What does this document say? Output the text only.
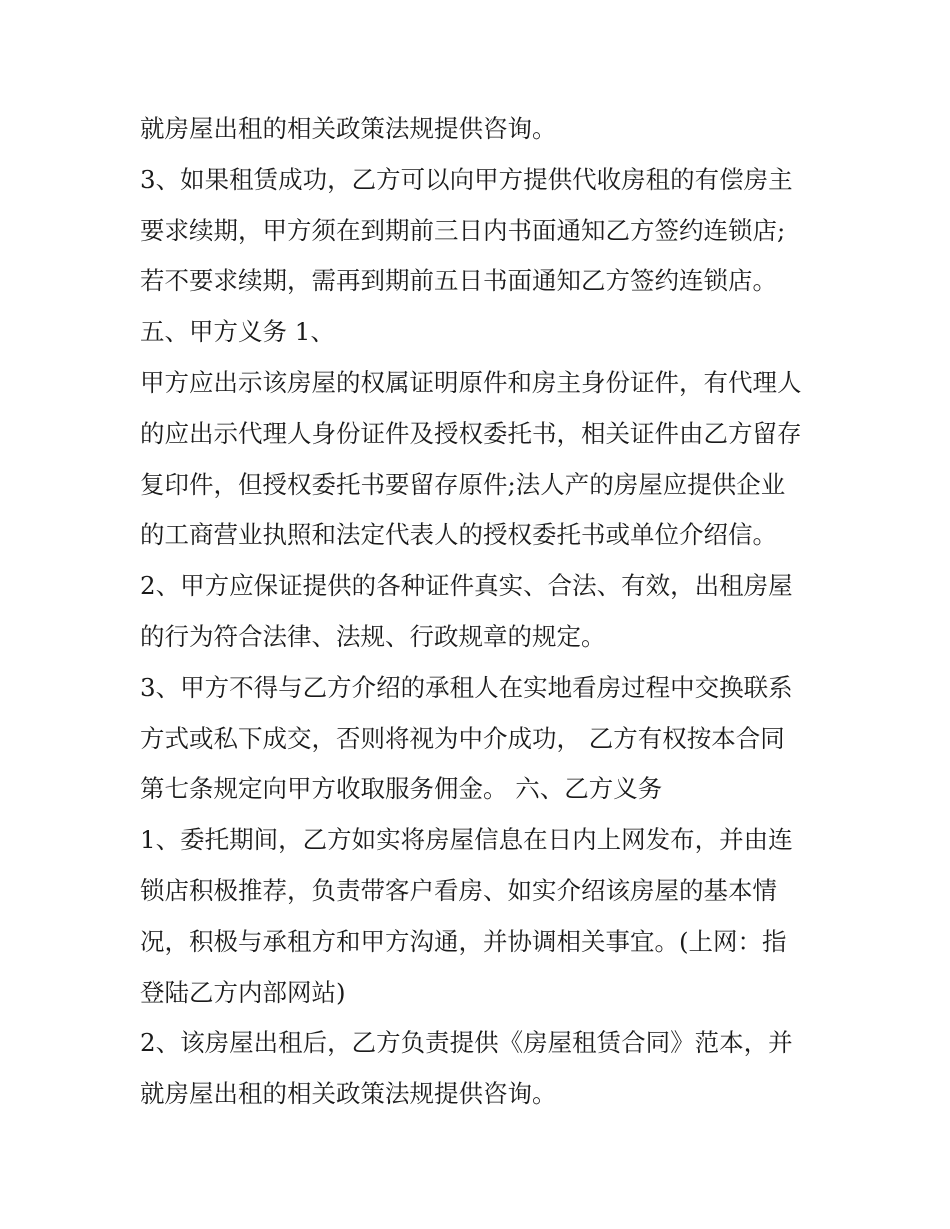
就房屋出租的相关政策法规提供咨询。
3、如果租赁成功，乙方可以向甲方提供代收房租的有偿房主
要求续期，甲方须在到期前三日内书面通知乙方签约连锁店;
若不要求续期，需再到期前五日书面通知乙方签约连锁店。
五、甲方义务 1、
甲方应出示该房屋的权属证明原件和房主身份证件，有代理人
的应出示代理人身份证件及授权委托书，相关证件由乙方留存
复印件，但授权委托书要留存原件;法人产的房屋应提供企业
的工商营业执照和法定代表人的授权委托书或单位介绍信。
2、甲方应保证提供的各种证件真实、合法、有效，出租房屋
的行为符合法律、法规、行政规章的规定。
3、甲方不得与乙方介绍的承租人在实地看房过程中交换联系
方式或私下成交，否则将视为中介成功， 乙方有权按本合同
第七条规定向甲方收取服务佣金。 六、乙方义务
1、委托期间，乙方如实将房屋信息在日内上网发布，并由连
锁店积极推荐，负责带客户看房、如实介绍该房屋的基本情
况，积极与承租方和甲方沟通，并协调相关事宜。(上网：指
登陆乙方内部网站)
2、该房屋出租后，乙方负责提供《房屋租赁合同》范本，并
就房屋出租的相关政策法规提供咨询。
